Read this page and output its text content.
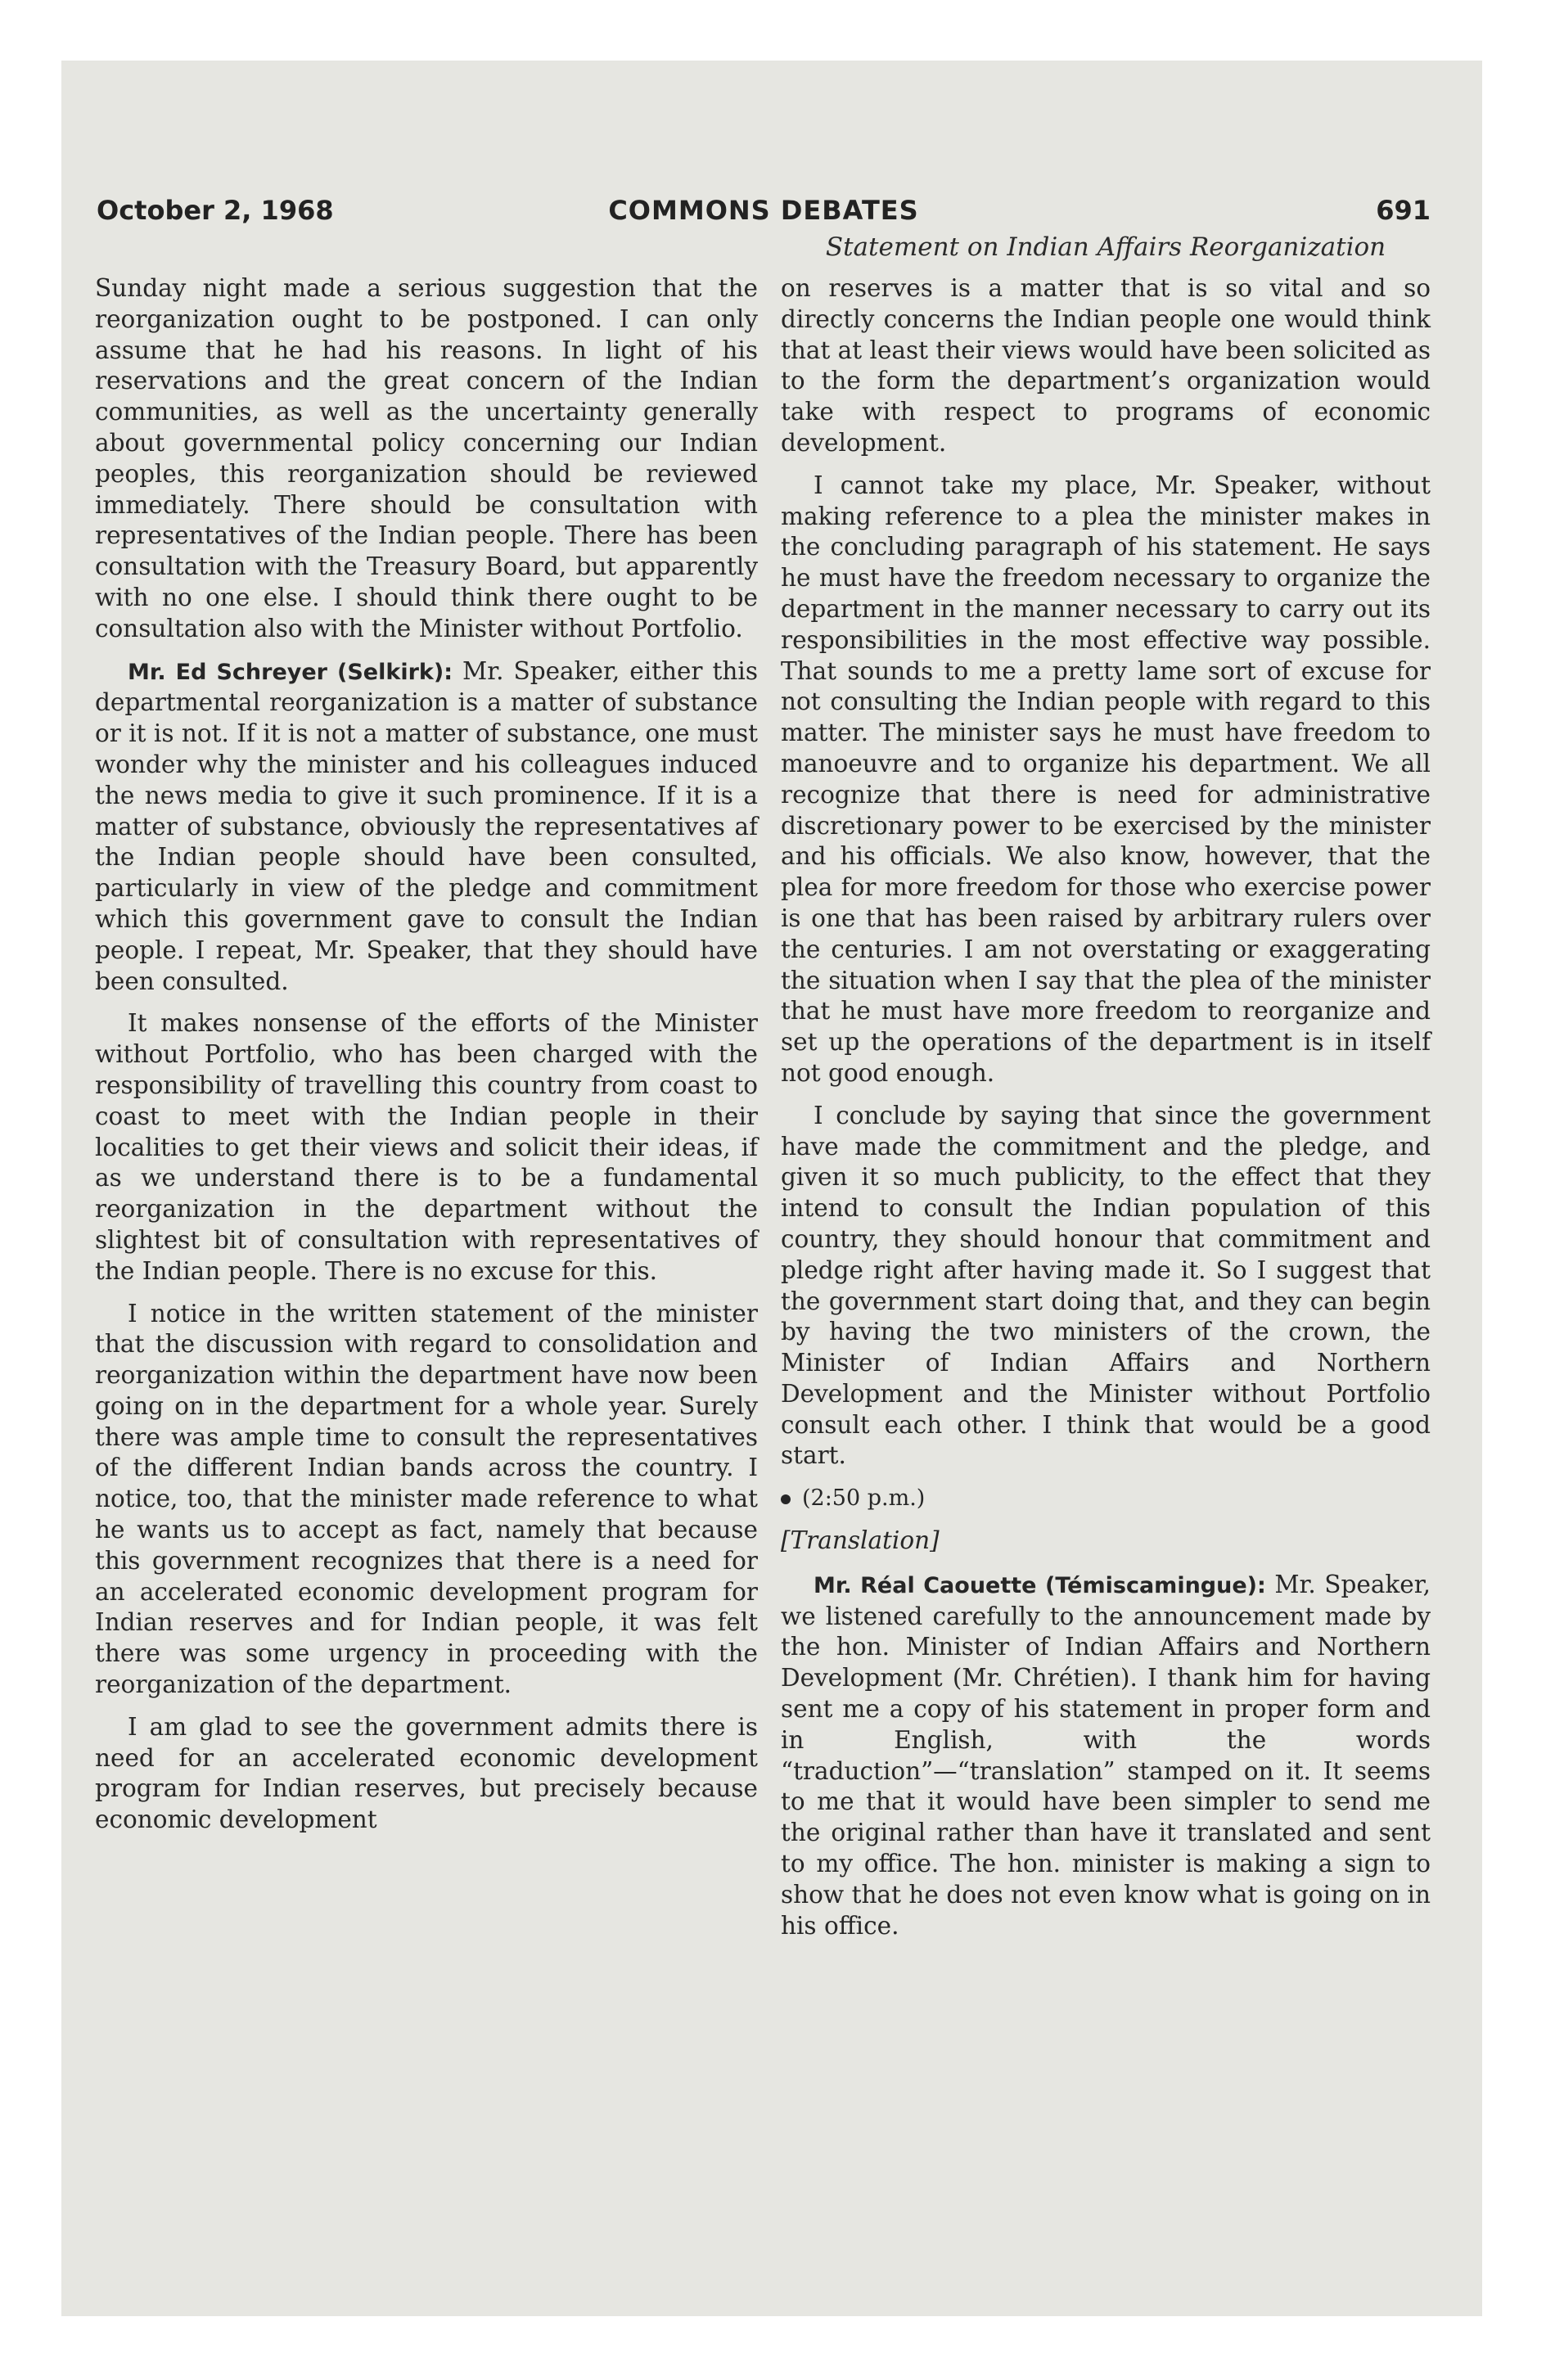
October 2, 1968	COMMONS DEBATES	691
Statement on Indian Affairs Reorganization

Sunday night made a serious suggestion that the reorganization ought to be postponed. I can only assume that he had his reasons. In light of his reservations and the great concern of the Indian communities, as well as the uncertainty generally about governmental policy concerning our Indian peoples, this reorganization should be reviewed immediately. There should be consultation with representatives of the Indian people. There has been consultation with the Treasury Board, but apparently with no one else. I should think there ought to be consultation also with the Minister without Portfolio.

Mr. Ed Schreyer (Selkirk): Mr. Speaker, either this departmental reorganization is a matter of substance or it is not. If it is not a matter of substance, one must wonder why the minister and his colleagues induced the news media to give it such prominence. If it is a matter of substance, obviously the representatives af the Indian people should have been consulted, particularly in view of the pledge and commitment which this government gave to consult the Indian people. I repeat, Mr. Speaker, that they should have been consulted.

It makes nonsense of the efforts of the Minister without Portfolio, who has been charged with the responsibility of travelling this country from coast to coast to meet with the Indian people in their localities to get their views and solicit their ideas, if as we understand there is to be a fundamental reorganization in the department without the slightest bit of consultation with representatives of the Indian people. There is no excuse for this.

I notice in the written statement of the minister that the discussion with regard to consolidation and reorganization within the department have now been going on in the department for a whole year. Surely there was ample time to consult the representatives of the different Indian bands across the country. I notice, too, that the minister made reference to what he wants us to accept as fact, namely that because this government recognizes that there is a need for an accelerated economic development program for Indian reserves and for Indian people, it was felt there was some urgency in proceeding with the reorganization of the department.

I am glad to see the government admits there is need for an accelerated economic development program for Indian reserves, but precisely because economic development

on reserves is a matter that is so vital and so directly concerns the Indian people one would think that at least their views would have been solicited as to the form the department’s organization would take with respect to programs of economic development.

I cannot take my place, Mr. Speaker, without making reference to a plea the minister makes in the concluding paragraph of his statement. He says he must have the freedom necessary to organize the department in the manner necessary to carry out its responsibilities in the most effective way possible. That sounds to me a pretty lame sort of excuse for not consulting the Indian people with regard to this matter. The minister says he must have freedom to manoeuvre and to organize his department. We all recognize that there is need for administrative discretionary power to be exercised by the minister and his officials. We also know, however, that the plea for more freedom for those who exercise power is one that has been raised by arbitrary rulers over the centuries. I am not overstating or exaggerating the situation when I say that the plea of the minister that he must have more freedom to reorganize and set up the operations of the department is in itself not good enough.

I conclude by saying that since the government have made the commitment and the pledge, and given it so much publicity, to the effect that they intend to consult the Indian population of this country, they should honour that commitment and pledge right after having made it. So I suggest that the government start doing that, and they can begin by having the two ministers of the crown, the Minister of Indian Affairs and Northern Development and the Minister without Portfolio consult each other. I think that would be a good start.

(2:50 p.m.)
[Translation]

Mr. Réal Caouette (Témiscamingue): Mr. Speaker, we listened carefully to the announcement made by the hon. Minister of Indian Affairs and Northern Development (Mr. Chrétien). I thank him for having sent me a copy of his statement in proper form and in English, with the words “traduction”—“translation” stamped on it. It seems to me that it would have been simpler to send me the original rather than have it translated and sent to my office. The hon. minister is making a sign to show that he does not even know what is going on in his office.
